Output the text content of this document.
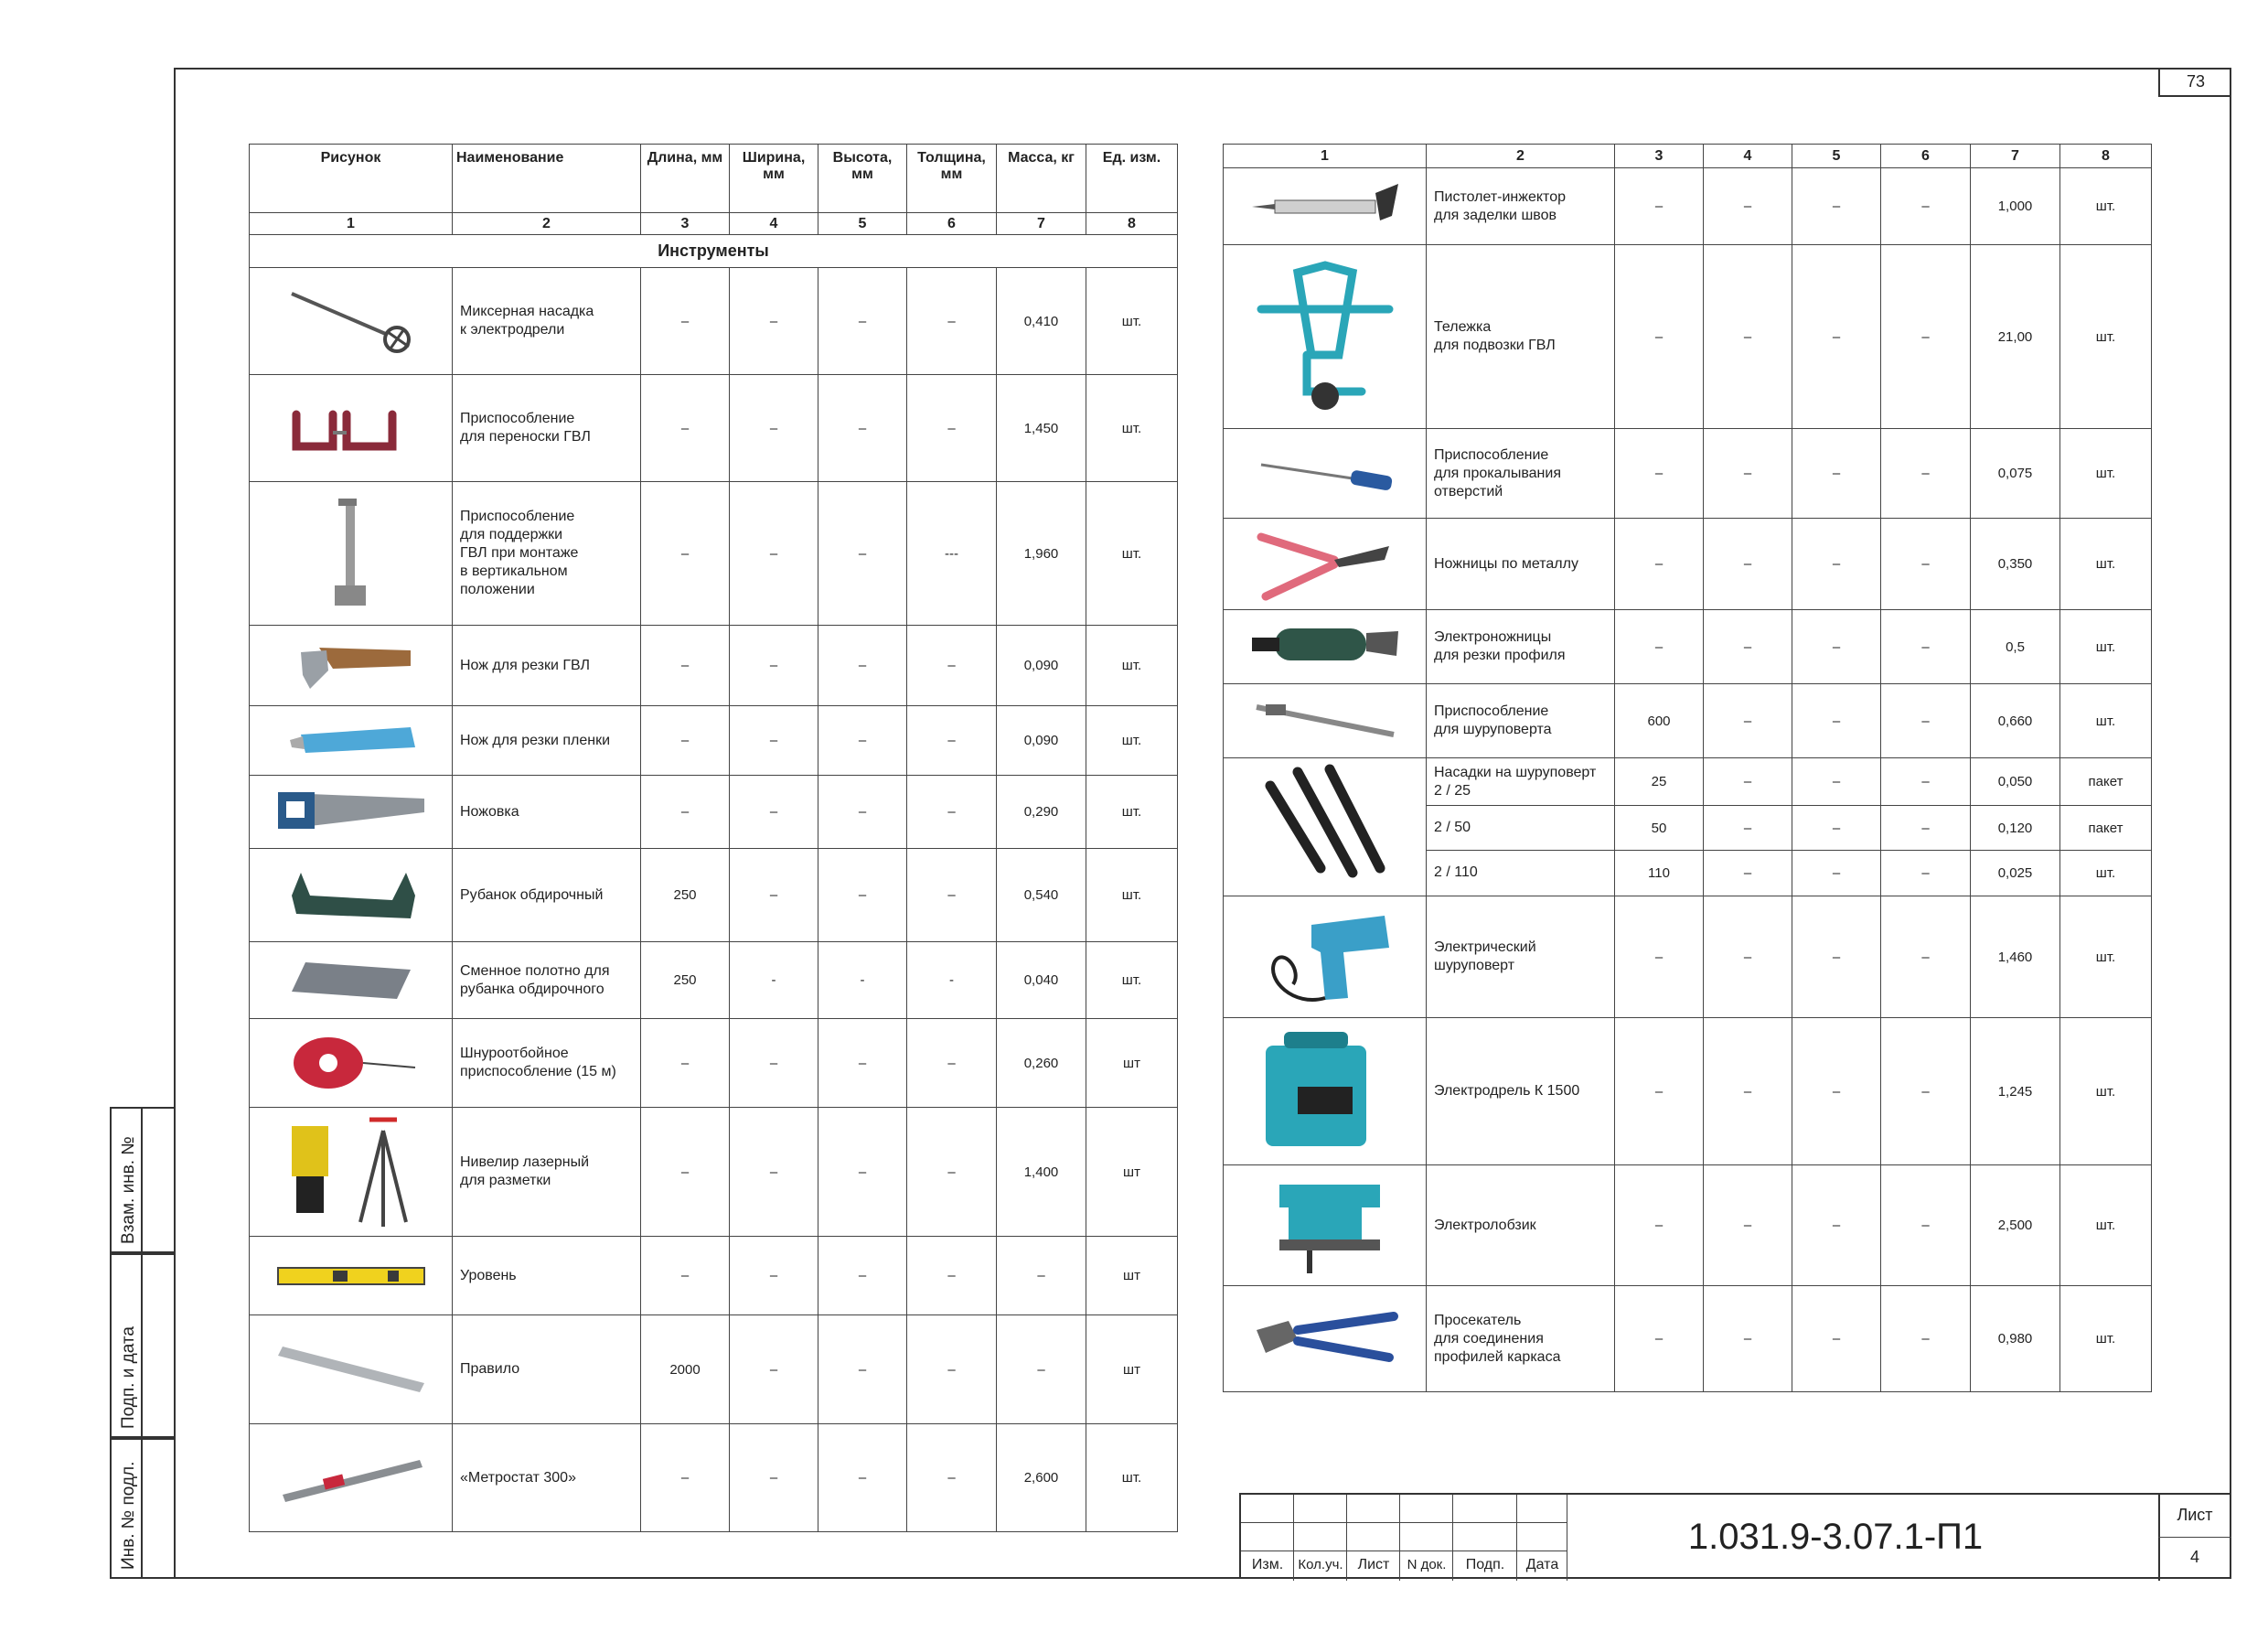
73
Взам. инв. №
Подп. и дата
Инв. № подл.
Рисунок	Наименование	Длина, мм	Ширина, мм	Высота, мм	Толщина, мм	Масса, кг	Ед. изм.
1	2	3	4	5	6	7	8
Инструменты							

	Миксерная насадка
к электродрели	–	–	–	–	0,410	шт.

	Приспособление
для переноски ГВЛ	–	–	–	–	1,450	шт.

	Приспособление
для поддержки
ГВЛ при монтаже
в вертикальном
положении	–	–	–	---	1,960	шт.

	Нож для резки ГВЛ	–	–	–	–	0,090	шт.

	Нож для резки пленки	–	–	–	–	0,090	шт.

	Ножовка	–	–	–	–	0,290	шт.

	Рубанок обдирочный	250	–	–	–	0,540	шт.

	Сменное полотно для
рубанка обдирочного	250	-	-	-	0,040	шт.

	Шнуроотбойное
приспособление (15 м)	–	–	–	–	0,260	шт

	Нивелир лазерный
для разметки	–	–	–	–	1,400	шт

	Уровень	–	–	–	–	–	шт

	Правило	2000	–	–	–	–	шт

	«Метростат 300»	–	–	–	–	2,600	шт.
1	2	3	4	5	6	7	8

	Пистолет-инжектор
для заделки швов	–	–	–	–	1,000	шт.

	Тележка
для подвозки ГВЛ	–	–	–	–	21,00	шт.

	Приспособление
для прокалывания
отверстий	–	–	–	–	0,075	шт.

	Ножницы по металлу	–	–	–	–	0,350	шт.

	Электроножницы
для резки профиля	–	–	–	–	0,5	шт.

	Приспособление
для шуруповерта	600	–	–	–	0,660	шт.

	Насадки на шуруповерт
2 / 25	25	–	–	–	0,050	пакет
	2 / 50	50	–	–	–	0,120	пакет
	2 / 110	110	–	–	–	0,025	шт.

	Электрический
шуруповерт	–	–	–	–	1,460	шт.

	Электродрель К 1500	–	–	–	–	1,245	шт.

	Электролобзик	–	–	–	–	2,500	шт.

	Просекатель
для соединения
профилей каркаса	–	–	–	–	0,980	шт.
Изм.	Кол.уч.	Лист	N док.	Подп.	Дата
1.031.9-3.07.1-П1
Лист
4
